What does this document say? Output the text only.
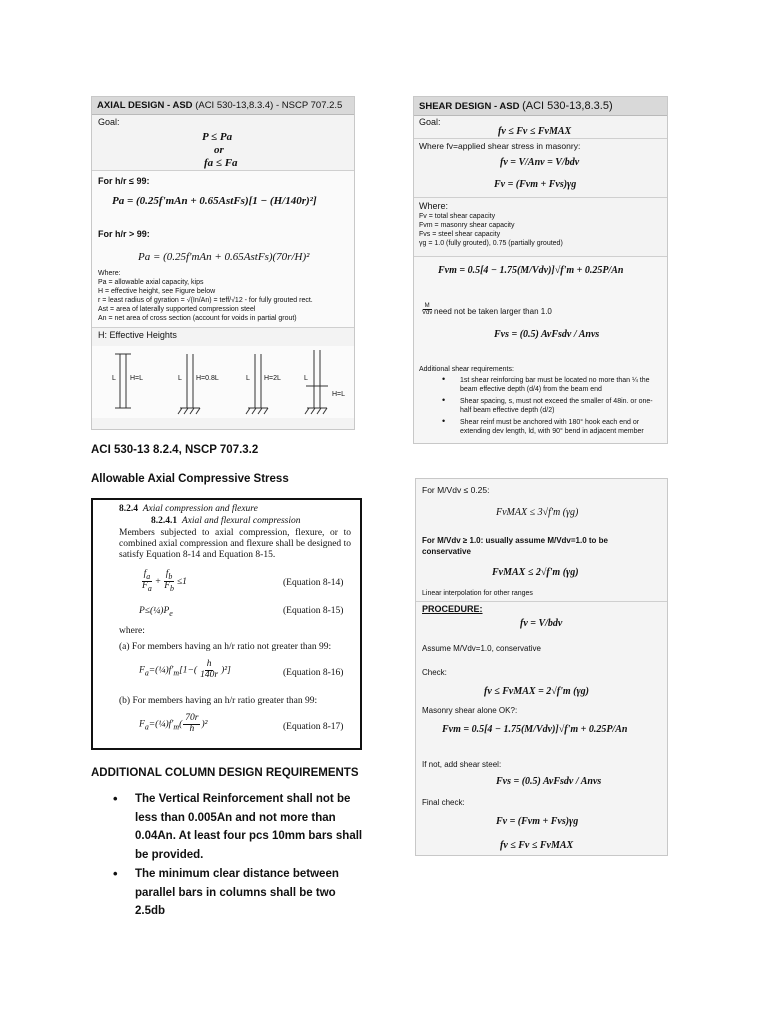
AXIAL DESIGN - ASD (ACI 530-13,8.3.4) - NSCP 707.2.5
Goal:
P ≤ Pa
or
fa ≤ Fa
For h/r ≤ 99:
Pa = (0.25f'mAn + 0.65AstFs)[1 − (H/140r)²]
For h/r > 99:
Pa = (0.25f'mAn + 0.65AstFs)(70r/H)²
Where:
Pa = allowable axial capacity, kips
H = effective height, see Figure below
r = least radius of gyration = √(In/An) = teff/√12 - for fully grouted rect.
Ast = area of laterally supported compression steel
An = net area of cross section (account for voids in partial grout)
H: Effective Heights
L H=L	L H=0.8L	L H=2L	L
H=L
SHEAR DESIGN - ASD (ACI 530-13,8.3.5)
Goal:
fv ≤ Fv ≤ FvMAX
Where fv=applied shear stress in masonry:
fv = V/Anv = V/bdv
Fv = (Fvm + Fvs)γg
Where:
Fv = total shear capacity
Fvm = masonry shear capacity
Fvs = steel shear capacity
γg = 1.0 (fully grouted), 0.75 (partially grouted)
Fvm = 0.5[4 − 1.75(M/Vdv)]√f'm + 0.25P/An
$\frac{M}{\text{Vdv}}$ need not be taken larger than 1.0
Fvs = (0.5) AvFsdv / Anvs
Additional shear requirements:
• 1st shear reinforcing bar must be located no more than ¼ the beam effective depth (d/4) from the beam end
• Shear spacing, s, must not exceed the smaller of 48in. or one-half beam effective depth (d/2)
• Shear reinf must be anchored with 180° hook each end or extending dev length, ld, with 90° bend in adjacent member
ACI 530-13 8.2.4, NSCP 707.3.2
Allowable Axial Compressive Stress
8.2.4 Axial compression and flexure
8.2.4.1 Axial and flexural compression
Members subjected to axial compression, flexure, or to combined axial compression and flexure shall be designed to satisfy Equation 8-14 and Equation 8-15.
$\frac{f_a}{F_a} + \frac{f_b}{F_b} \le 1$	(Equation 8-14)
$P\le(\frac{1}{4})P_e$	(Equation 8-15)
where:
(a) For members having an h/r ratio not greater than 99:
$F_a=(\frac{1}{4})f'_m[1-( \frac{h}{140r} )^2]$	(Equation 8-16)
(b) For members having an h/r ratio greater than 99:
$F_a=(\frac{1}{4})f'_m( \frac{70r}{h} )^2$	(Equation 8-17)
ADDITIONAL COLUMN DESIGN REQUIREMENTS
• The Vertical Reinforcement shall not be less than 0.005An and not more than 0.04An. At least four pcs 10mm bars shall be provided.
• The minimum clear distance between parallel bars in columns shall be two 2.5db
For M/Vdv ≤ 0.25:
FvMAX ≤ 3√f'm (γg)
For M/Vdv ≥ 1.0: usually assume M/Vdv=1.0 to be conservative
FvMAX ≤ 2√f'm (γg)
Linear interpolation for other ranges
PROCEDURE:
fv = V/bdv
Assume M/Vdv=1.0, conservative
Check:
fv ≤ FvMAX = 2√f'm (γg)
Masonry shear alone OK?:
Fvm = 0.5[4 − 1.75(M/Vdv)]√f'm + 0.25P/An
If not, add shear steel:
Fvs = (0.5) AvFsdv / Anvs
Final check:
Fv = (Fvm + Fvs)γg
fv ≤ Fv ≤ FvMAX
